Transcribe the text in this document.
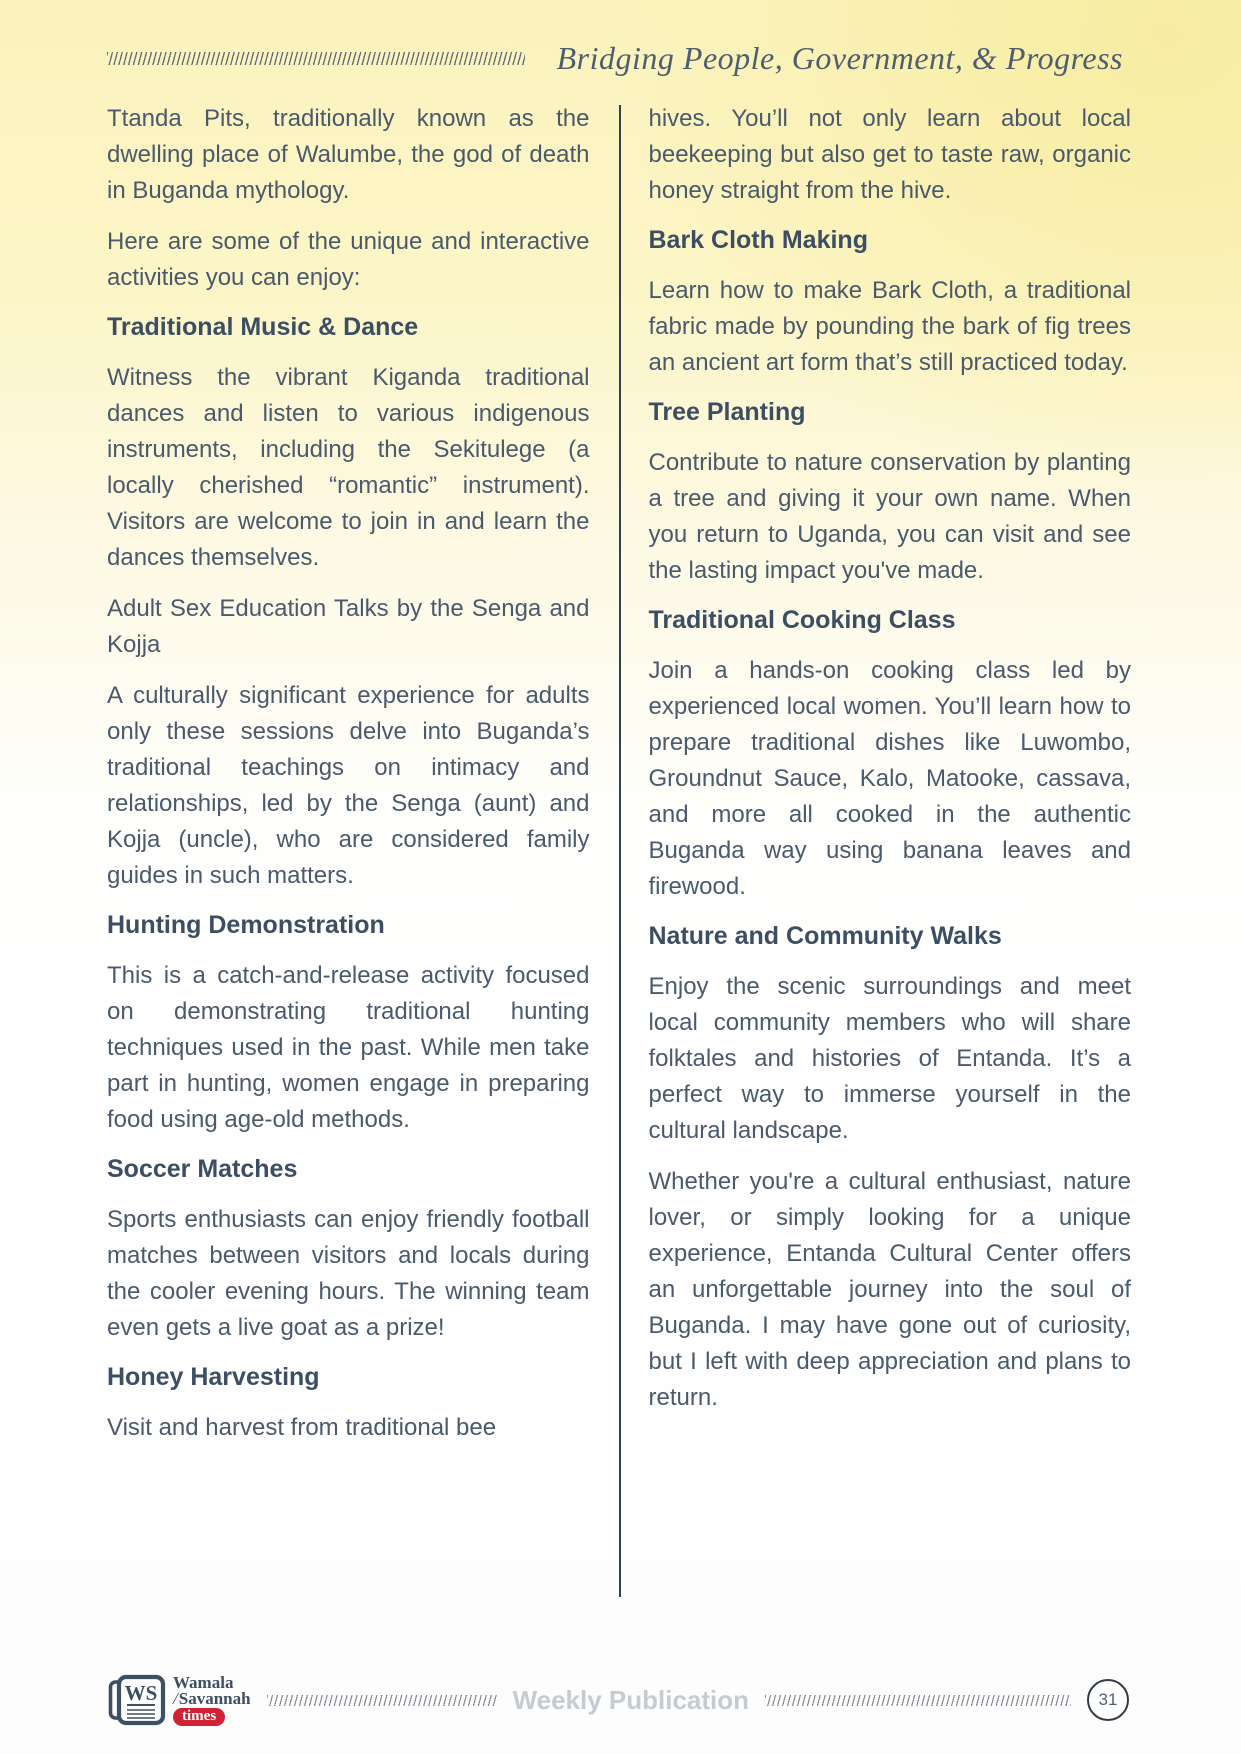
Bridging People, Government, & Progress

Ttanda Pits, traditionally known as the dwelling place of Walumbe, the god of death in Buganda mythology.

Here are some of the unique and interactive activities you can enjoy:

Traditional Music & Dance

Witness the vibrant Kiganda traditional dances and listen to various indigenous instruments, including the Sekitulege (a locally cherished “romantic” instrument). Visitors are welcome to join in and learn the dances themselves.

Adult Sex Education Talks by the Senga and Kojja

A culturally significant experience for adults only these sessions delve into Buganda’s traditional teachings on intimacy and relationships, led by the Senga (aunt) and Kojja (uncle), who are considered family guides in such matters.

Hunting Demonstration

This is a catch-and-release activity focused on demonstrating traditional hunting techniques used in the past. While men take part in hunting, women engage in preparing food using age-old methods.

Soccer Matches

Sports enthusiasts can enjoy friendly football matches between visitors and locals during the cooler evening hours. The winning team even gets a live goat as a prize!

Honey Harvesting

Visit and harvest from traditional bee

hives. You’ll not only learn about local beekeeping but also get to taste raw, organic honey straight from the hive.

Bark Cloth Making

Learn how to make Bark Cloth, a traditional fabric made by pounding the bark of fig trees an ancient art form that’s still practiced today.

Tree Planting

Contribute to nature conservation by planting a tree and giving it your own name. When you return to Uganda, you can visit and see the lasting impact you've made.

Traditional Cooking Class

Join a hands-on cooking class led by experienced local women. You’ll learn how to prepare traditional dishes like Luwombo, Groundnut Sauce, Kalo, Matooke, cassava, and more all cooked in the authentic Buganda way using banana leaves and firewood.

Nature and Community Walks

Enjoy the scenic surroundings and meet local community members who will share folktales and histories of Entanda. It’s a perfect way to immerse yourself in the cultural landscape.

Whether you're a cultural enthusiast, nature lover, or simply looking for a unique experience, Entanda Cultural Center offers an unforgettable journey into the soul of Buganda. I may have gone out of curiosity, but I left with deep appreciation and plans to return.

WS Wamala
/Savannah
times
Weekly Publication	31
